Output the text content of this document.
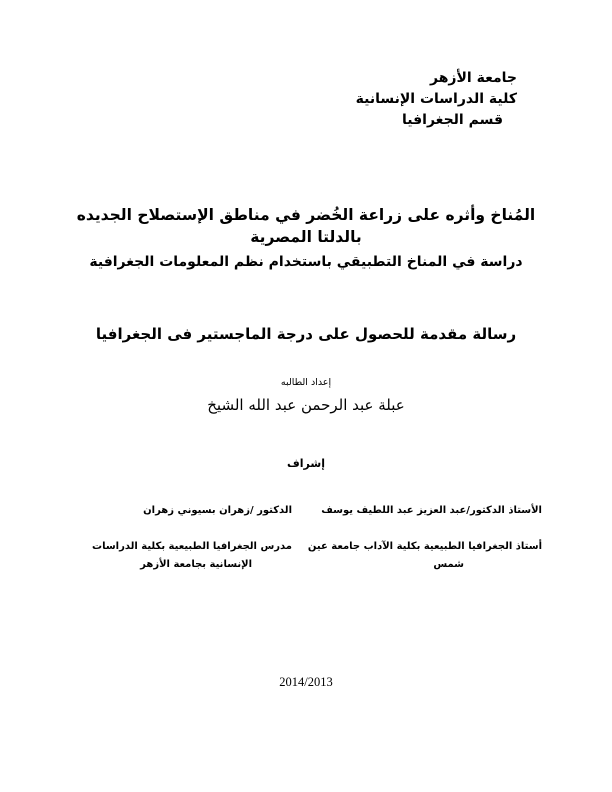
جامعة الأزهر
كلية الدراسات الإنسانية
قسم الجغرافيا
المُناخ وأثره على زراعة الخُضر في مناطق الإستصلاح الجديده
بالدلتا المصرية
دراسة في المناخ التطبيقي باستخدام نظم المعلومات الجغرافية
رسالة مقدمة للحصول على درجة الماجستير فى الجغرافيا
إعداد الطالبه
عبلة عبد الرحمن عبد الله الشيخ
إشراف
الأستاذ الدكتور/عبد العزيز عبد اللطيف يوسف
أستاذ الجغرافيا الطبيعية بكلية الآداب جامعة عين
شمس
الدكتور /زهران بسيوني زهران
مدرس الجغرافيا الطبيعية بكلية الدراسات
الإنسانية بجامعة الأزهر
2014/2013
